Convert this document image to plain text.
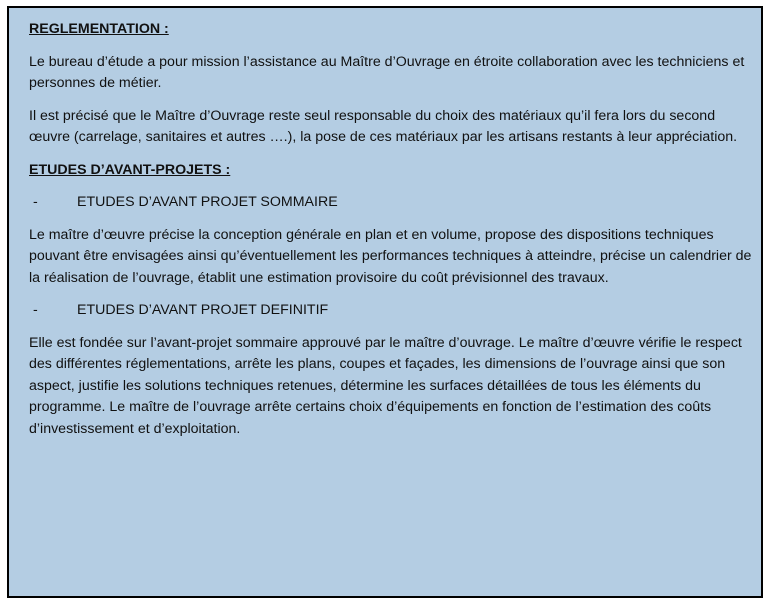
REGLEMENTATION :

Le bureau d’étude a pour mission l’assistance au Maître d’Ouvrage en étroite collaboration avec les techniciens et personnes de métier.

Il est précisé que le Maître d’Ouvrage reste seul responsable du choix des matériaux qu’il fera lors du second œuvre (carrelage, sanitaires et autres ….), la pose de ces matériaux par les artisans restants à leur appréciation.

ETUDES D’AVANT-PROJETS :
-	ETUDES D’AVANT PROJET SOMMAIRE

Le maître d’œuvre précise la conception générale en plan et en volume, propose des dispositions techniques pouvant être envisagées ainsi qu’éventuellement les performances techniques à atteindre, précise un calendrier de la réalisation de l’ouvrage, établit une estimation provisoire du coût prévisionnel des travaux.

-	ETUDES D’AVANT PROJET DEFINITIF

Elle est fondée sur l’avant-projet sommaire approuvé par le maître d’ouvrage. Le maître d’œuvre vérifie le respect des différentes réglementations, arrête les plans, coupes et façades, les dimensions de l’ouvrage ainsi que son aspect, justifie les solutions techniques retenues, détermine les surfaces détaillées de tous les éléments du programme. Le maître de l’ouvrage arrête certains choix d’équipements en fonction de l’estimation des coûts d’investissement et d’exploitation.
